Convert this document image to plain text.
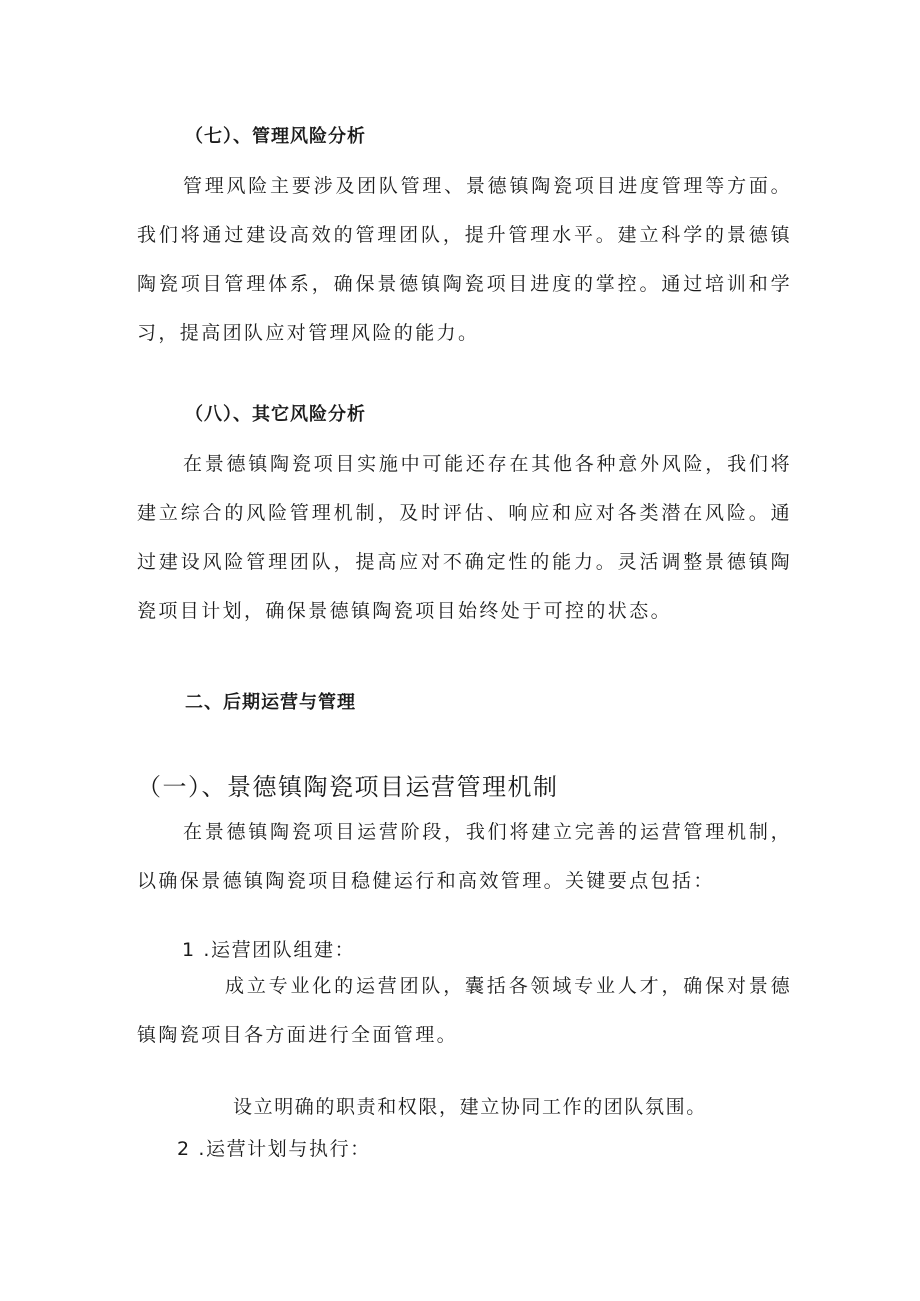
（七）、管理风险分析

管理风险主要涉及团队管理、景德镇陶瓷项目进度管理等方面。我们将通过建设高效的管理团队，提升管理水平。建立科学的景德镇陶瓷项目管理体系，确保景德镇陶瓷项目进度的掌控。通过培训和学习，提高团队应对管理风险的能力。

（八）、其它风险分析

在景德镇陶瓷项目实施中可能还存在其他各种意外风险，我们将建立综合的风险管理机制，及时评估、响应和应对各类潜在风险。通过建设风险管理团队，提高应对不确定性的能力。灵活调整景德镇陶瓷项目计划，确保景德镇陶瓷项目始终处于可控的状态。

二、后期运营与管理
（一）、景德镇陶瓷项目运营管理机制

在景德镇陶瓷项目运营阶段，我们将建立完善的运营管理机制，以确保景德镇陶瓷项目稳健运行和高效管理。关键要点包括：

1 .运营团队组建：

成立专业化的运营团队，囊括各领域专业人才，确保对景德镇陶瓷项目各方面进行全面管理。

设立明确的职责和权限，建立协同工作的团队氛围。
2 .运营计划与执行：
